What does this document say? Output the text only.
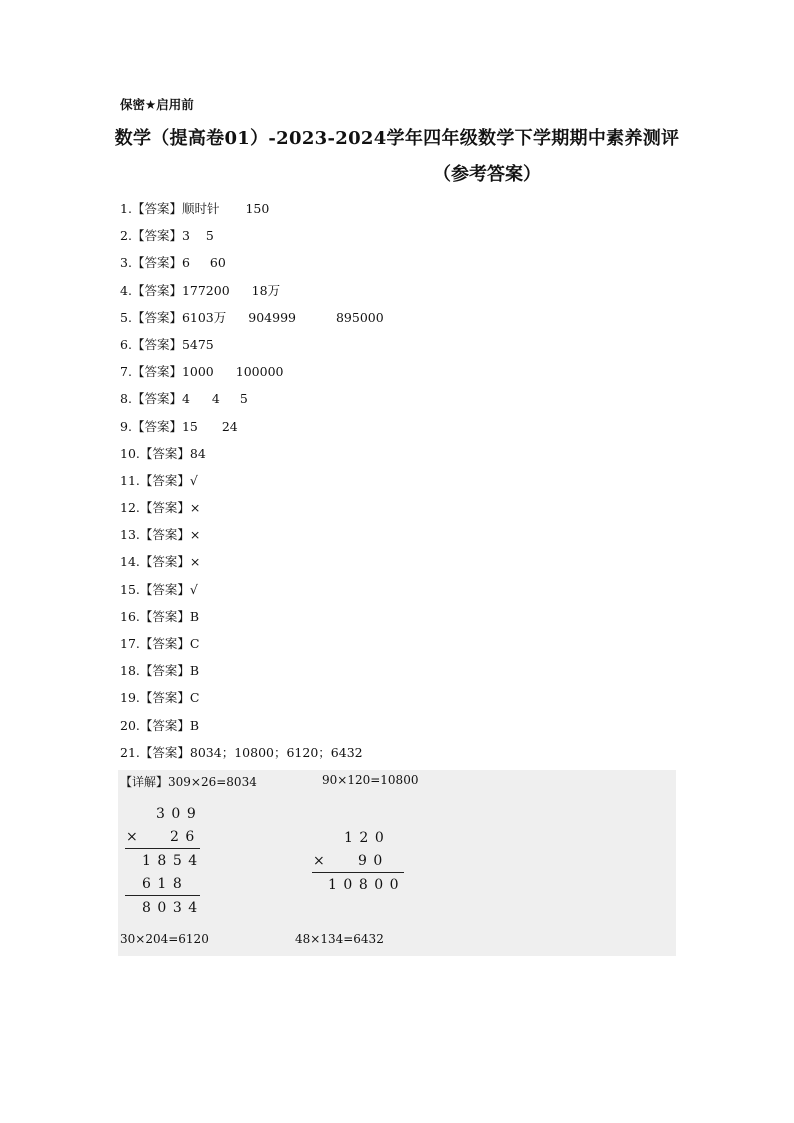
保密★启用前
数学（提高卷01）-2023-2024学年四年级数学下学期期中素养测评
（参考答案）
1.【答案】顺时针 150
2.【答案】3 5
3.【答案】6 60
4.【答案】177200 18万
5.【答案】6103万 904999	895000
6.【答案】5475
7.【答案】1000 100000
8.【答案】4 4 5
9.【答案】15 24
10.【答案】84
11.【答案】√
12.【答案】×
13.【答案】×
14.【答案】×
15.【答案】√
16.【答案】B
17.【答案】C
18.【答案】B
19.【答案】C
20.【答案】B
21.【答案】8034；10800；6120；6432
【详解】309×26=8034	90×120=10800
309
× 26
1854
618
8034
120
× 90
10800
30×204=6120	48×134=6432
